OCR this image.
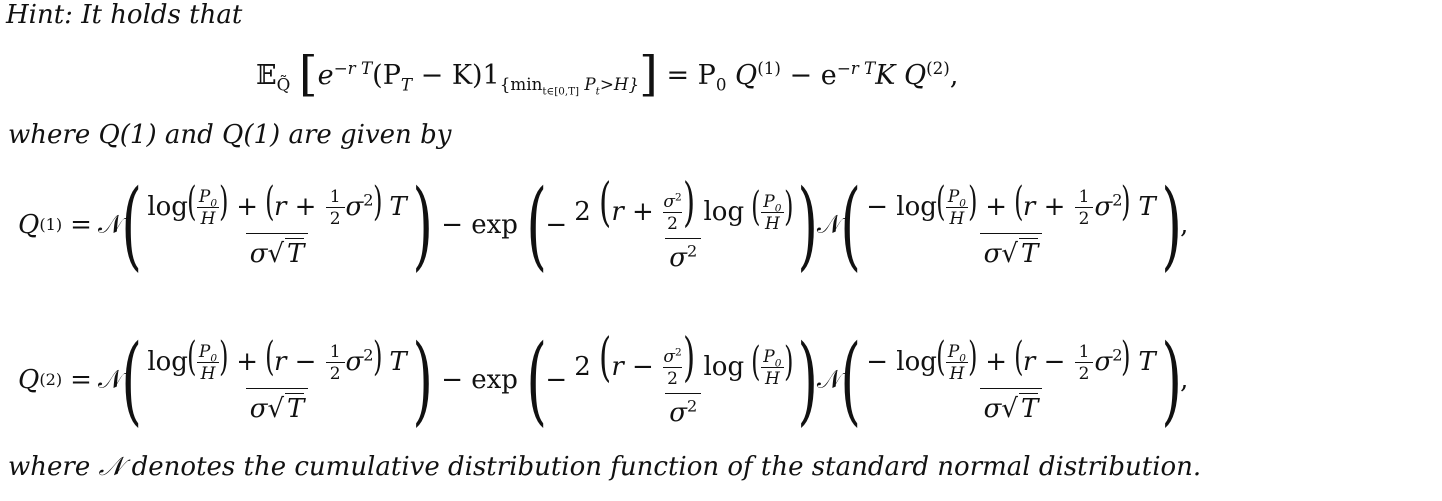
Hint: It holds that
𝔼$_{Q̃}$ $[e^{-r T}(P_T - K)1_{\{min_{t\in[0,T]} P_t>H\}}] = P_0$ $Q^{(1)} - e^{-r T}K$ $Q^{(2)}$,
where Q(1) and Q(1) are given by
Q (1) = 𝒩
( $\frac{\log( \frac{P_0}{H} ) + (r + \frac{1}{2} \sigma^2) T}{\sigma√ T}$ ) − exp (
− $\frac{2 (r + \frac{\sigma^2}{2} ) \log ( \frac{P_0}{H} )}{\sigma^2}$ )
𝒩
( $\frac{- \log( \frac{P_0}{H} ) + (r + \frac{1}{2} \sigma^2) T}{\sigma√ T}$ )
,
Q (2) = 𝒩
( $\frac{\log( \frac{P_0}{H} ) + (r - \frac{1}{2} \sigma^2) T}{\sigma√ T}$ ) − exp (
− $\frac{2 (r - \frac{\sigma^2}{2} ) \log ( \frac{P_0}{H} )}{\sigma^2}$ )
𝒩
( $\frac{- \log( \frac{P_0}{H} ) + (r - \frac{1}{2} \sigma^2) T}{\sigma√ T}$ )
,
where 𝒩 denotes the cumulative distribution function of the standard normal distribution.
